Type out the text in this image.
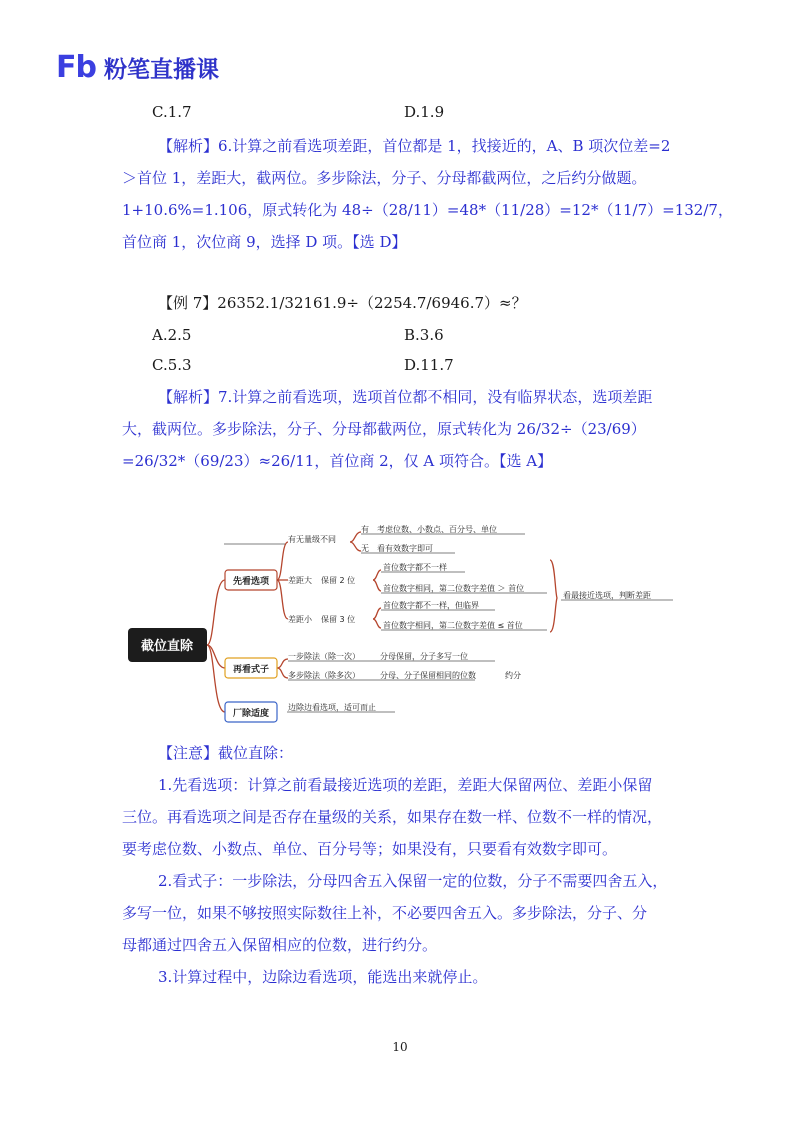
Fb 粉笔直播课
C.1.7	D.1.9
【解析】6.计算之前看选项差距，首位都是 1，找接近的，A、B 项次位差=2
＞首位 1，差距大，截两位。多步除法，分子、分母都截两位，之后约分做题。
1+10.6%=1.106，原式转化为 48÷（28/11）=48*（11/28）=12*（11/7）=132/7，
首位商 1，次位商 9，选择 D 项。【选 D】
【例 7】26352.1/32161.9÷（2254.7/6946.7）≈？
A.2.5	B.3.6
C.5.3	D.11.7
【解析】7.计算之前看选项，选项首位都不相同，没有临界状态，选项差距
大，截两位。多步除法，分子、分母都截两位，原式转化为 26/32÷（23/69）
=26/32*（69/23）≈26/11，首位商 2，仅 A 项符合。【选 A】
截位直除
先看选项
有无量级不同
有 考虑位数、小数点、百分号、单位
无 看有效数字即可
差距大 保留 2 位
首位数字都不一样
首位数字相同，第二位数字差值 ＞ 首位
差距小 保留 3 位
首位数字都不一样，但临界
首位数字相同，第二位数字差值 ≤ 首位
看最接近选项，判断差距
再看式子
一步除法（除一次）	分母保留，分子多写一位
多步除法（除多次）	分母、分子保留相同的位数	约分
厂除适度
边除边看选项，适可而止
【注意】截位直除：
1.先看选项：计算之前看最接近选项的差距，差距大保留两位、差距小保留
三位。再看选项之间是否存在量级的关系，如果存在数一样、位数不一样的情况，
要考虑位数、小数点、单位、百分号等；如果没有，只要看有效数字即可。
2.看式子：一步除法，分母四舍五入保留一定的位数，分子不需要四舍五入，
多写一位，如果不够按照实际数往上补，不必要四舍五入。多步除法，分子、分
母都通过四舍五入保留相应的位数，进行约分。
3.计算过程中，边除边看选项，能选出来就停止。
10
